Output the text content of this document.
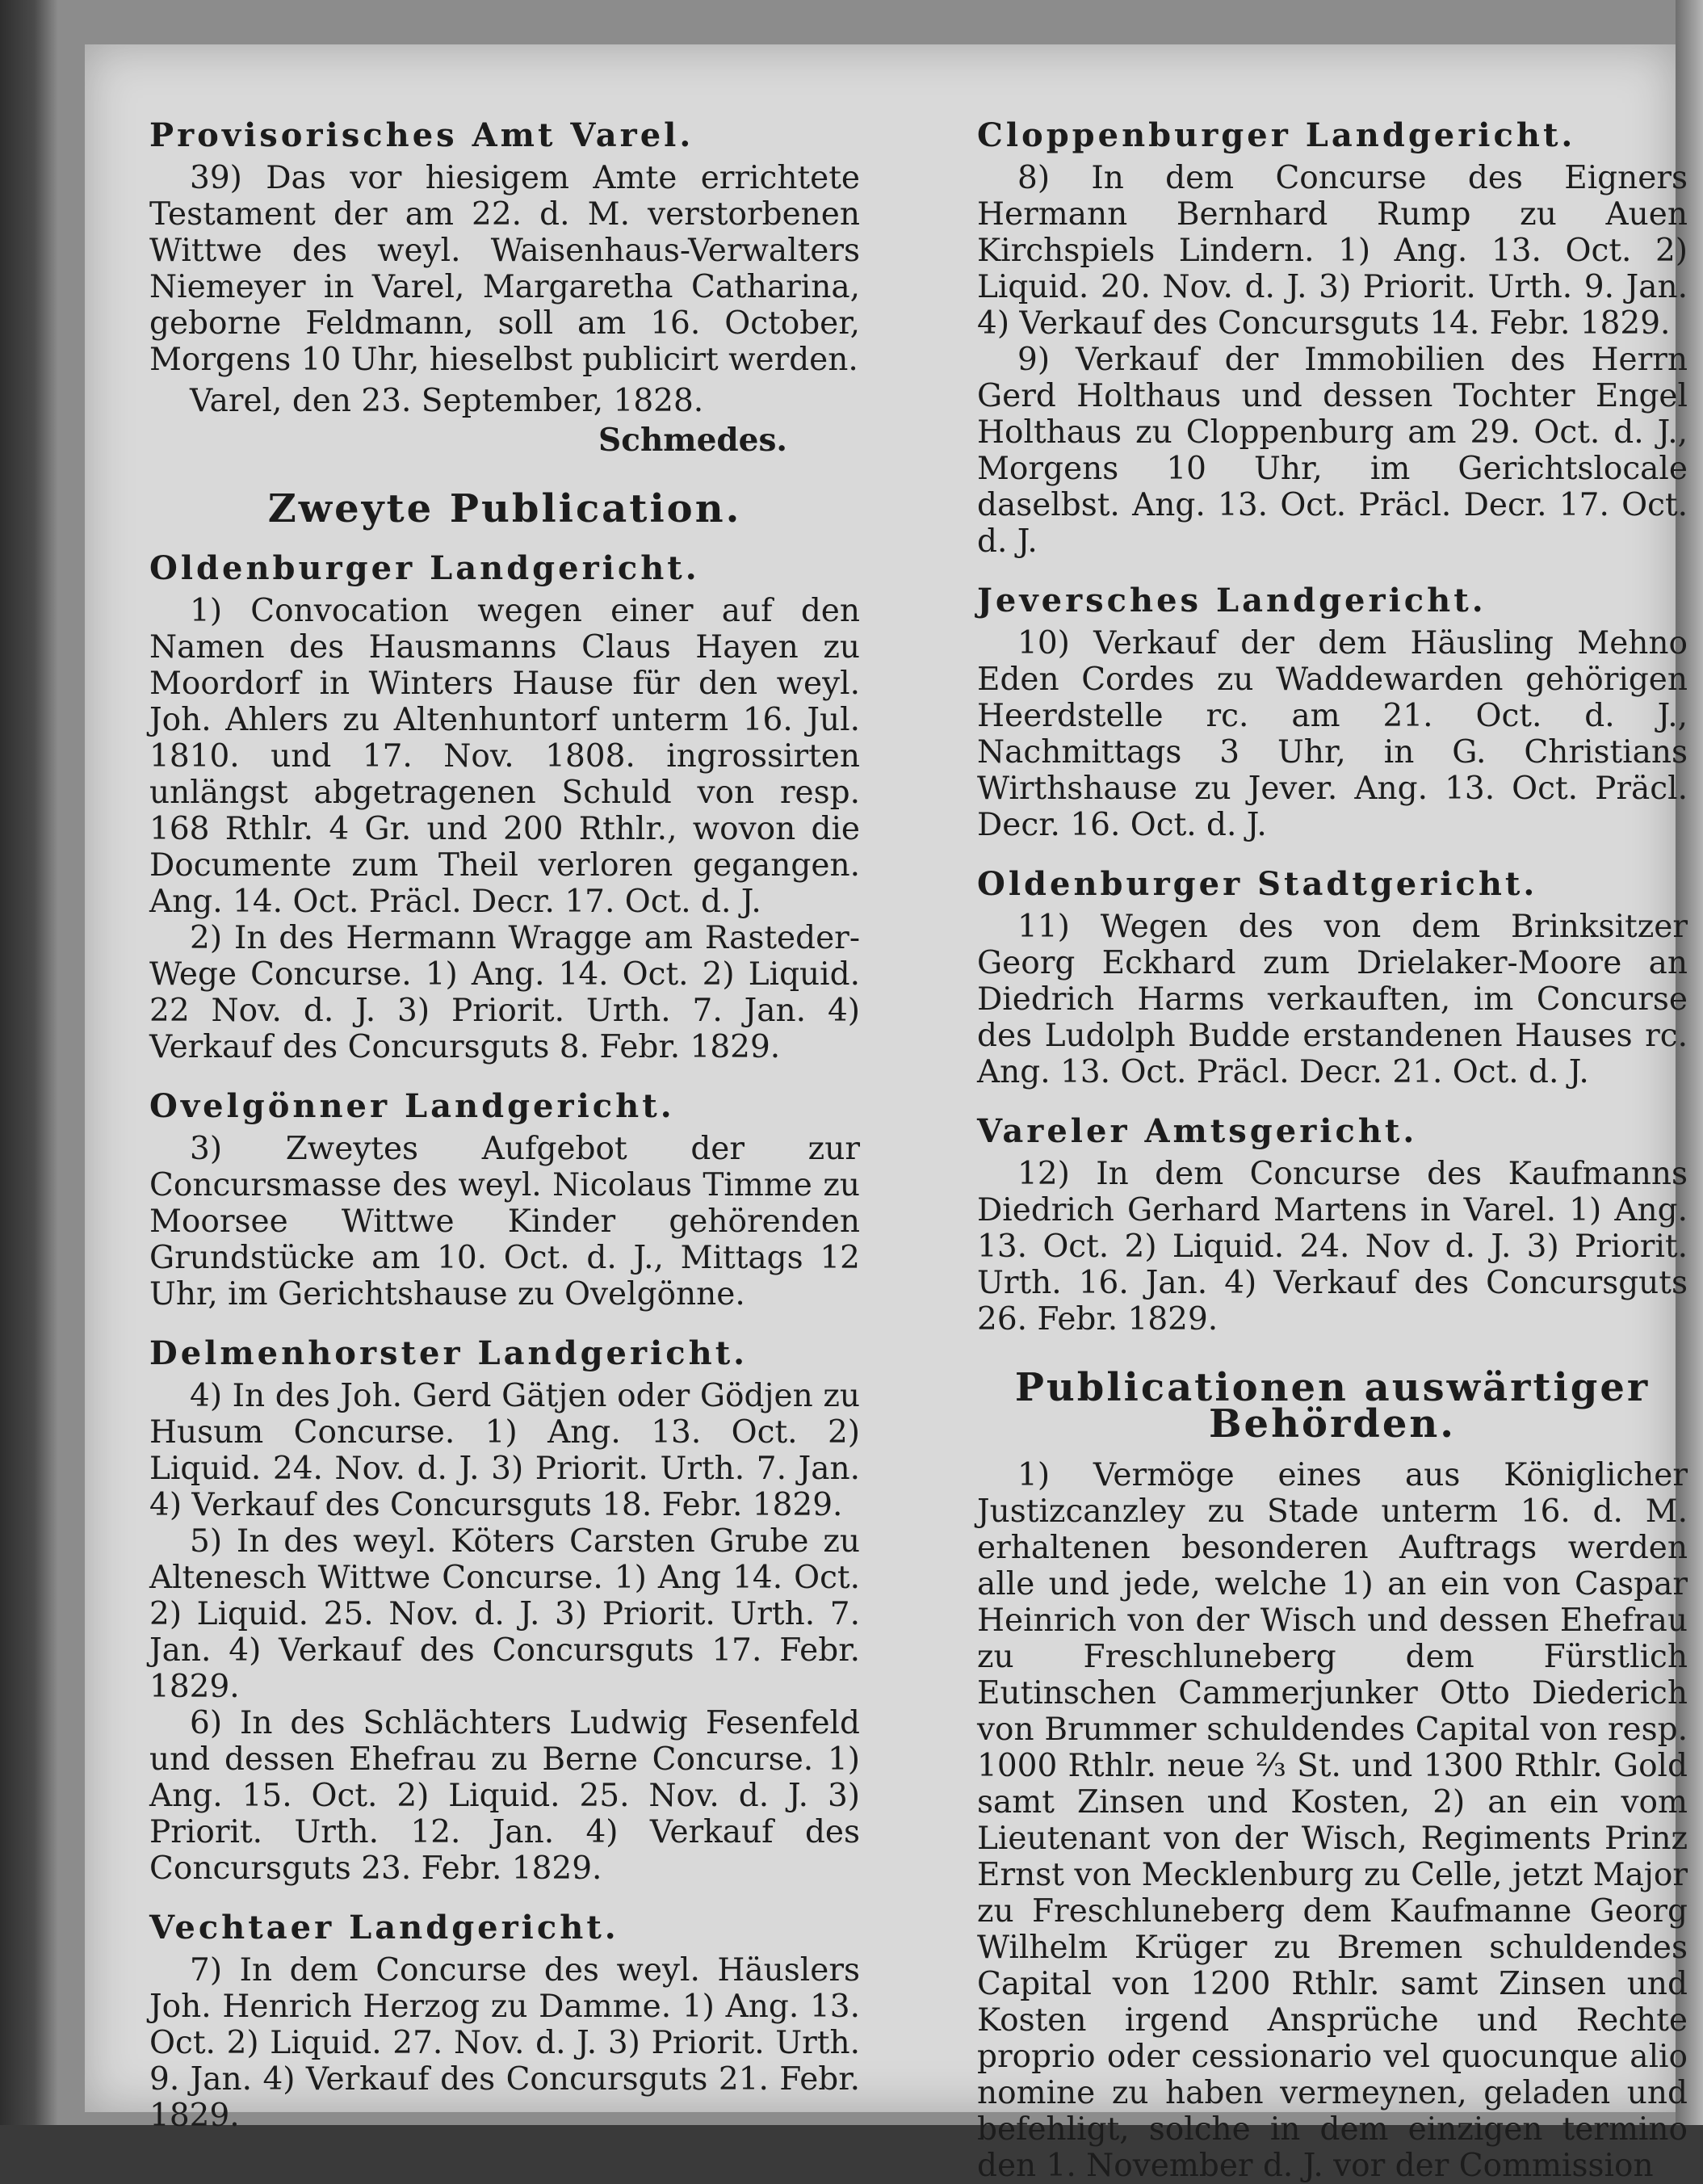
Provisorisches Amt Varel.

39) Das vor hiesigem Amte errichtete Testament der am 22. d. M. verstorbenen Wittwe des weyl. Waisenhaus-Verwalters Niemeyer in Varel, Margaretha Catharina, geborne Feldmann, soll am 16. October, Morgens 10 Uhr, hieselbst publicirt werden.

Varel, den 23. September, 1828.

Schmedes.

Zweyte Publication.
Oldenburger Landgericht.

1) Convocation wegen einer auf den Namen des Hausmanns Claus Hayen zu Moordorf in Winters Hause für den weyl. Joh. Ahlers zu Altenhuntorf unterm 16. Jul. 1810. und 17. Nov. 1808. ingrossirten unlängst abgetragenen Schuld von resp. 168 Rthlr. 4 Gr. und 200 Rthlr., wovon die Documente zum Theil verloren gegangen. Ang. 14. Oct. Präcl. Decr. 17. Oct. d. J.

2) In des Hermann Wragge am Rasteder-Wege Concurse. 1) Ang. 14. Oct. 2) Liquid. 22 Nov. d. J. 3) Priorit. Urth. 7. Jan. 4) Verkauf des Concursguts 8. Febr. 1829.

Ovelgönner Landgericht.

3) Zweytes Aufgebot der zur Concursmasse des weyl. Nicolaus Timme zu Moorsee Wittwe Kinder gehörenden Grundstücke am 10. Oct. d. J., Mittags 12 Uhr, im Gerichtshause zu Ovelgönne.

Delmenhorster Landgericht.

4) In des Joh. Gerd Gätjen oder Gödjen zu Husum Concurse. 1) Ang. 13. Oct. 2) Liquid. 24. Nov. d. J. 3) Priorit. Urth. 7. Jan. 4) Verkauf des Concursguts 18. Febr. 1829.

5) In des weyl. Köters Carsten Grube zu Altenesch Wittwe Concurse. 1) Ang 14. Oct. 2) Liquid. 25. Nov. d. J. 3) Priorit. Urth. 7. Jan. 4) Verkauf des Concursguts 17. Febr. 1829.

6) In des Schlächters Ludwig Fesenfeld und dessen Ehefrau zu Berne Concurse. 1) Ang. 15. Oct. 2) Liquid. 25. Nov. d. J. 3) Priorit. Urth. 12. Jan. 4) Verkauf des Concursguts 23. Febr. 1829.

Vechtaer Landgericht.

7) In dem Concurse des weyl. Häuslers Joh. Henrich Herzog zu Damme. 1) Ang. 13. Oct. 2) Liquid. 27. Nov. d. J. 3) Priorit. Urth. 9. Jan. 4) Verkauf des Concursguts 21. Febr. 1829.

Cloppenburger Landgericht.

8) In dem Concurse des Eigners Hermann Bernhard Rump zu Auen Kirchspiels Lindern. 1) Ang. 13. Oct. 2) Liquid. 20. Nov. d. J. 3) Priorit. Urth. 9. Jan. 4) Verkauf des Concursguts 14. Febr. 1829.

9) Verkauf der Immobilien des Herrn Gerd Holthaus und dessen Tochter Engel Holthaus zu Cloppenburg am 29. Oct. d. J., Morgens 10 Uhr, im Gerichtslocale daselbst. Ang. 13. Oct. Präcl. Decr. 17. Oct. d. J.

Jeversches Landgericht.

10) Verkauf der dem Häusling Mehno Eden Cordes zu Waddewarden gehörigen Heerdstelle rc. am 21. Oct. d. J., Nachmittags 3 Uhr, in G. Christians Wirthshause zu Jever. Ang. 13. Oct. Präcl. Decr. 16. Oct. d. J.

Oldenburger Stadtgericht.

11) Wegen des von dem Brinksitzer Georg Eckhard zum Drielaker-Moore an Diedrich Harms verkauften, im Concurse des Ludolph Budde erstandenen Hauses rc. Ang. 13. Oct. Präcl. Decr. 21. Oct. d. J.

Vareler Amtsgericht.

12) In dem Concurse des Kaufmanns Diedrich Gerhard Martens in Varel. 1) Ang. 13. Oct. 2) Liquid. 24. Nov d. J. 3) Priorit. Urth. 16. Jan. 4) Verkauf des Concursguts 26. Febr. 1829.

Publicationen auswärtiger Behörden.

1) Vermöge eines aus Königlicher Justizcanzley zu Stade unterm 16. d. M. erhaltenen besonderen Auftrags werden alle und jede, welche 1) an ein von Caspar Heinrich von der Wisch und dessen Ehefrau zu Freschluneberg dem Fürstlich Eutinschen Cammerjunker Otto Diederich von Brummer schuldendes Capital von resp. 1000 Rthlr. neue ⅔ St. und 1300 Rthlr. Gold samt Zinsen und Kosten, 2) an ein vom Lieutenant von der Wisch, Regiments Prinz Ernst von Mecklenburg zu Celle, jetzt Major zu Freschluneberg dem Kaufmanne Georg Wilhelm Krüger zu Bremen schuldendes Capital von 1200 Rthlr. samt Zinsen und Kosten irgend Ansprüche und Rechte proprio oder cessionario vel quocunque alio nomine zu haben vermeynen, geladen und befehligt, solche in dem einzigen termino den 1. November d. J. vor der Commission
